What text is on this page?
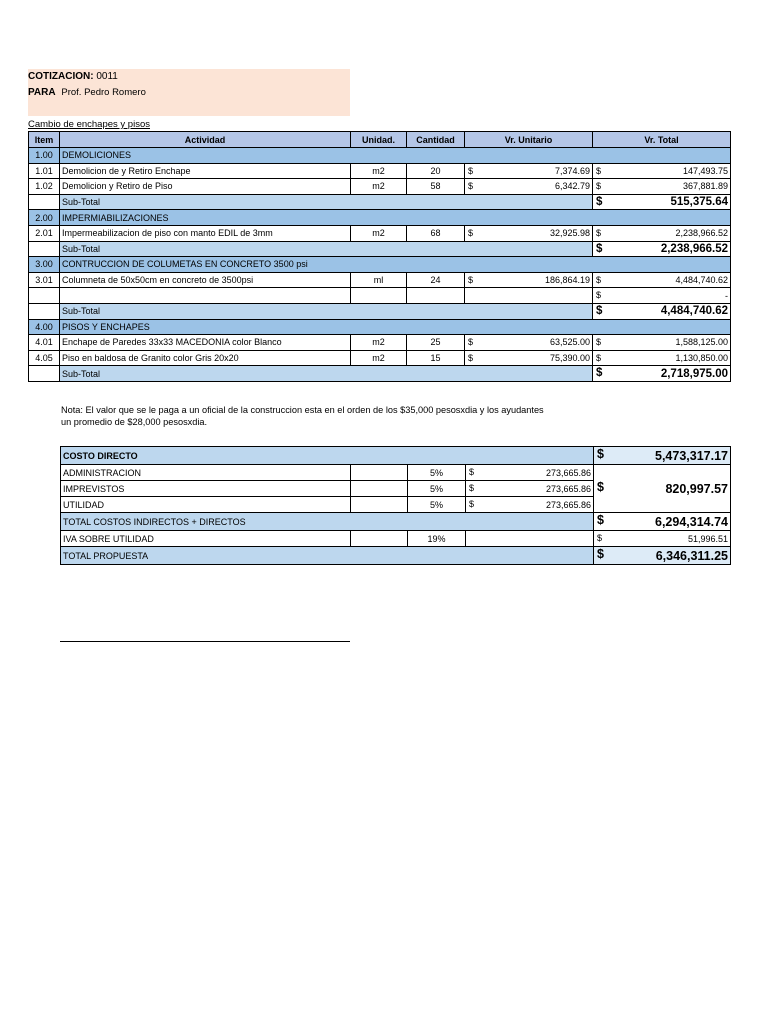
COTIZACION: 0011
PARA Prof. Pedro Romero
Cambio de enchapes y pisos
Item	Actividad	Unidad.	Cantidad	Vr. Unitario	Vr. Total
1.00	DEMOLICIONES				
1.01	Demolicion de y Retiro Enchape	m2	20	$ 7,374.69	$ 147,493.75

1.02	Demolicion y Retiro de Piso	m2	58	$ 6,342.79	$ 367,881.89

	Sub-Total				$ 515,375.64

2.00	IMPERMIABILIZACIONES				
2.01	Impermeabilizacion de piso con manto EDIL de 3mm	m2	68	$ 32,925.98	$ 2,238,966.52

	Sub-Total				$ 2,238,966.52

3.00	CONTRUCCION DE COLUMETAS EN CONCRETO 3500 psi				
3.01	Columneta de 50x50cm en concreto de 3500psi	ml	24	$ 186,864.19	$ 4,484,740.62

					$ -

	Sub-Total				$ 4,484,740.62

4.00	PISOS Y ENCHAPES				
4.01	Enchape de Paredes 33x33 MACEDONIA color Blanco	m2	25	$ 63,525.00	$ 1,588,125.00

4.05	Piso en baldosa de Granito color Gris 20x20	m2	15	$ 75,390.00	$ 1,130,850.00

	Sub-Total				$ 2,718,975.00
Nota: El valor que se le paga a un oficial de la construccion esta en el orden de los $35,000 pesosxdia y los ayudantes
un promedio de $28,000 pesosxdia.
COSTO DIRECTO				$ 5,473,317.17

ADMINISTRACION		5%	$ 273,665.86	$ 820,997.57

IMPREVISTOS		5%	$ 273,665.86	

UTILIDAD		5%	$ 273,665.86	

TOTAL COSTOS INDIRECTOS + DIRECTOS				$ 6,294,314.74

IVA SOBRE UTILIDAD		19%		$ 51,996.51

TOTAL PROPUESTA				$ 6,346,311.25
